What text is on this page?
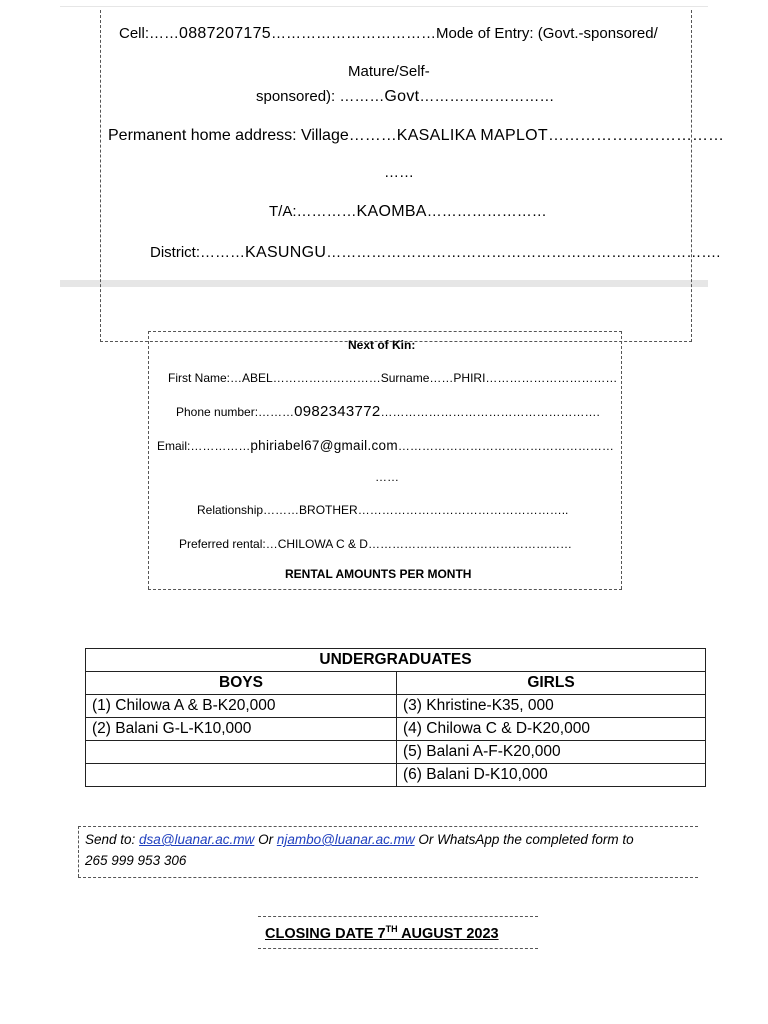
Cell:……0887207175……………………………Mode of Entry: (Govt.-sponsored/
Mature/Self-
sponsored): ………Govt………………………
Permanent home address: Village………KASALIKA MAPLOT……………………………
……
T/A:…………KAOMBA……………………
District:………KASUNGU…………………………………………………………………….
Next of Kin:
First Name:…ABEL………………………Surname……PHIRI……………………………
Phone number:………0982343772……………………………………………….
Email:……………phiriabel67@gmail.com………………………………………………
……
Relationship………BROTHER……………………………………………..
Preferred rental:…CHILOWA C & D……………………………………………
RENTAL AMOUNTS PER MONTH
UNDERGRADUATES	
BOYS	GIRLS
(1) Chilowa A & B-K20,000	(3) Khristine-K35, 000
(2) Balani G-L-K10,000	(4) Chilowa C & D-K20,000
	(5) Balani A-F-K20,000
	(6) Balani D-K10,000
Send to: dsa@luanar.ac.mw Or njambo@luanar.ac.mw Or WhatsApp the completed form to
265 999 953 306
CLOSING DATE 7TH AUGUST 2023
